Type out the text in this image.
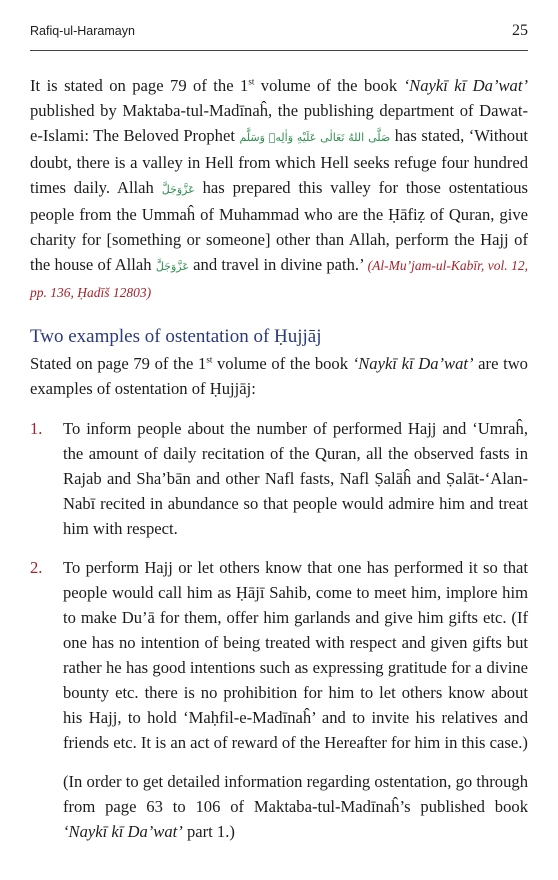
Rafiq-ul-Haramayn	25

It is stated on page 79 of the 1st volume of the book ‘Naykī kī Da’wat’ published by Maktaba-tul-Madīnaĥ, the publishing department of Dawat-e-Islami: The Beloved Prophet صَلَّى اللهُ تَعَالٰى عَلَيْهِ وَاٰلِهٖ وَسَلَّم has stated, ‘Without doubt, there is a valley in Hell from which Hell seeks refuge four hundred times daily. Allah عَزَّوَجَلَّ has prepared this valley for those ostentatious people from the Ummaĥ of Muhammad who are the Ḥāfiẓ of Quran, give charity for [something or someone] other than Allah, perform the Hajj of the house of Allah عَزَّوَجَلَّ and travel in divine path.’ (Al-Mu’jam-ul-Kabīr, vol. 12, pp. 136, Ḥadīš 12803)

Two examples of ostentation of Ḥujjāj

Stated on page 79 of the 1st volume of the book ‘Naykī kī Da’wat’ are two examples of ostentation of Ḥujjāj:

1.	To inform people about the number of performed Hajj and ‘Umraĥ, the amount of daily recitation of the Quran, all the observed fasts in Rajab and Sha’bān and other Nafl fasts, Nafl Ṣalāĥ and Ṣalāt-‘Alan-Nabī recited in abundance so that people would admire him and treat him with respect.

2.	To perform Hajj or let others know that one has performed it so that people would call him as Ḥājī Sahib, come to meet him, implore him to make Du’ā for them, offer him garlands and give him gifts etc. (If one has no intention of being treated with respect and given gifts but rather he has good intentions such as expressing gratitude for a divine bounty etc. there is no prohibition for him to let others know about his Hajj, to hold ‘Maḥfil-e-Madīnaĥ’ and to invite his relatives and friends etc. It is an act of reward of the Hereafter for him in this case.)

(In order to get detailed information regarding ostentation, go through from page 63 to 106 of Maktaba-tul-Madīnaĥ’s published book ‘Naykī kī Da’wat’ part 1.)
